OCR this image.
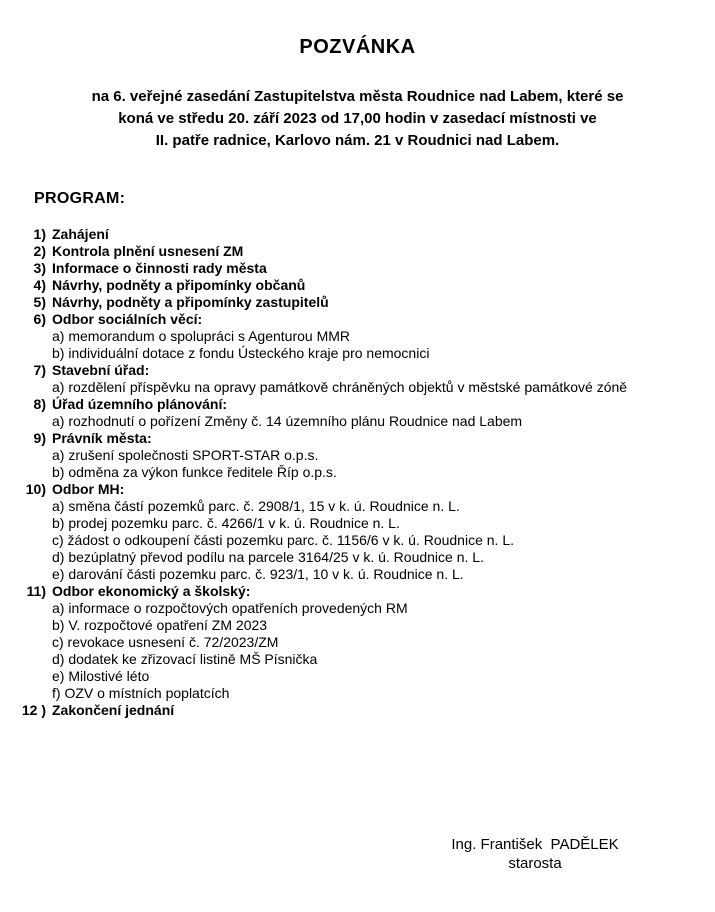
POZVÁNKA
na 6. veřejné zasedání Zastupitelstva města Roudnice nad Labem, které se
koná ve středu 20. září 2023 od 17,00 hodin v zasedací místnosti ve
II. patře radnice, Karlovo nám. 21 v Roudnici nad Labem.
PROGRAM:
1) Zahájení
2) Kontrola plnění usnesení ZM
3) Informace o činnosti rady města
4) Návrhy, podněty a připomínky občanů
5) Návrhy, podněty a připomínky zastupitelů
6) Odbor sociálních věcí:
a) memorandum o spolupráci s Agenturou MMR
b) individuální dotace z fondu Ústeckého kraje pro nemocnici
7) Stavební úřad:
a) rozdělení příspěvku na opravy památkově chráněných objektů v městské památkové zóně
8) Úřad územního plánování:
a) rozhodnutí o pořízení Změny č. 14 územního plánu Roudnice nad Labem
9) Právník města:
a) zrušení společnosti SPORT-STAR o.p.s.
b) odměna za výkon funkce ředitele Říp o.p.s.
10) Odbor MH:
a) směna částí pozemků parc. č. 2908/1, 15 v k. ú. Roudnice n. L.
b) prodej pozemku parc. č. 4266/1 v k. ú. Roudnice n. L.
c) žádost o odkoupení části pozemku parc. č. 1156/6 v k. ú. Roudnice n. L.
d) bezúplatný převod podílu na parcele 3164/25 v k. ú. Roudnice n. L.
e) darování části pozemku parc. č. 923/1, 10 v k. ú. Roudnice n. L.
11) Odbor ekonomický a školský:
a) informace o rozpočtových opatřeních provedených RM
b) V. rozpočtové opatření ZM 2023
c) revokace usnesení č. 72/2023/ZM
d) dodatek ke zřizovací listině MŠ Písnička
e) Milostivé léto
f) OZV o místních poplatcích
12 ) Zakončení jednání
Ing. František  PADĚLEK
starosta
